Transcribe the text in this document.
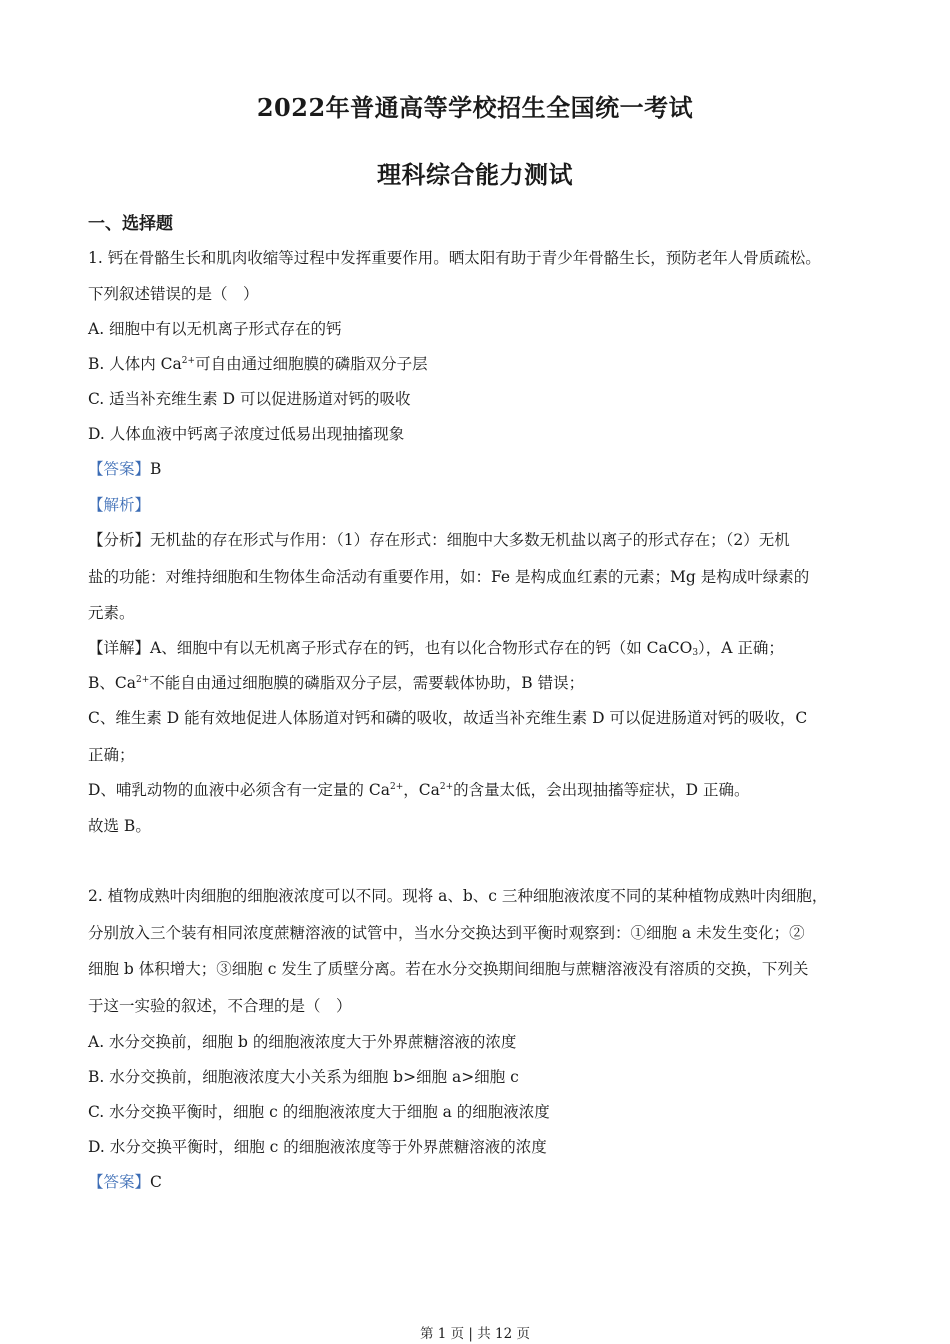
2022年普通高等学校招生全国统一考试
理科综合能力测试
一、选择题
1. 钙在骨骼生长和肌肉收缩等过程中发挥重要作用。晒太阳有助于青少年骨骼生长，预防老年人骨质疏松。
下列叙述错误的是（　）
A. 细胞中有以无机离子形式存在的钙
B. 人体内 $Ca^{2+}$可自由通过细胞膜的磷脂双分子层
C. 适当补充维生素 D 可以促进肠道对钙的吸收
D. 人体血液中钙离子浓度过低易出现抽搐现象
【答案】B
【解析】
【分析】无机盐的存在形式与作用：（1）存在形式：细胞中大多数无机盐以离子的形式存在；（2）无机
盐的功能：对维持细胞和生物体生命活动有重要作用，如：Fe 是构成血红素的元素；Mg 是构成叶绿素的
元素。
【详解】A、细胞中有以无机离子形式存在的钙，也有以化合物形式存在的钙（如 CaCO$_3$），A 正确；
B、$Ca^{2+}$不能自由通过细胞膜的磷脂双分子层，需要载体协助，B 错误；
C、维生素 D 能有效地促进人体肠道对钙和磷的吸收，故适当补充维生素 D 可以促进肠道对钙的吸收，C
正确；
D、哺乳动物的血液中必须含有一定量的 $Ca^{2+}$，$Ca^{2+}$的含量太低，会出现抽搐等症状，D 正确。
故选 B。
2. 植物成熟叶肉细胞的细胞液浓度可以不同。现将 a、b、c 三种细胞液浓度不同的某种植物成熟叶肉细胞，
分别放入三个装有相同浓度蔗糖溶液的试管中，当水分交换达到平衡时观察到：①细胞 a 未发生变化；②
细胞 b 体积增大；③细胞 c 发生了质壁分离。若在水分交换期间细胞与蔗糖溶液没有溶质的交换，下列关
于这一实验的叙述，不合理的是（　）
A. 水分交换前，细胞 b 的细胞液浓度大于外界蔗糖溶液的浓度
B. 水分交换前，细胞液浓度大小关系为细胞 b>细胞 a>细胞 c
C. 水分交换平衡时，细胞 c 的细胞液浓度大于细胞 a 的细胞液浓度
D. 水分交换平衡时，细胞 c 的细胞液浓度等于外界蔗糖溶液的浓度
【答案】C
第 1 页 | 共 12 页
